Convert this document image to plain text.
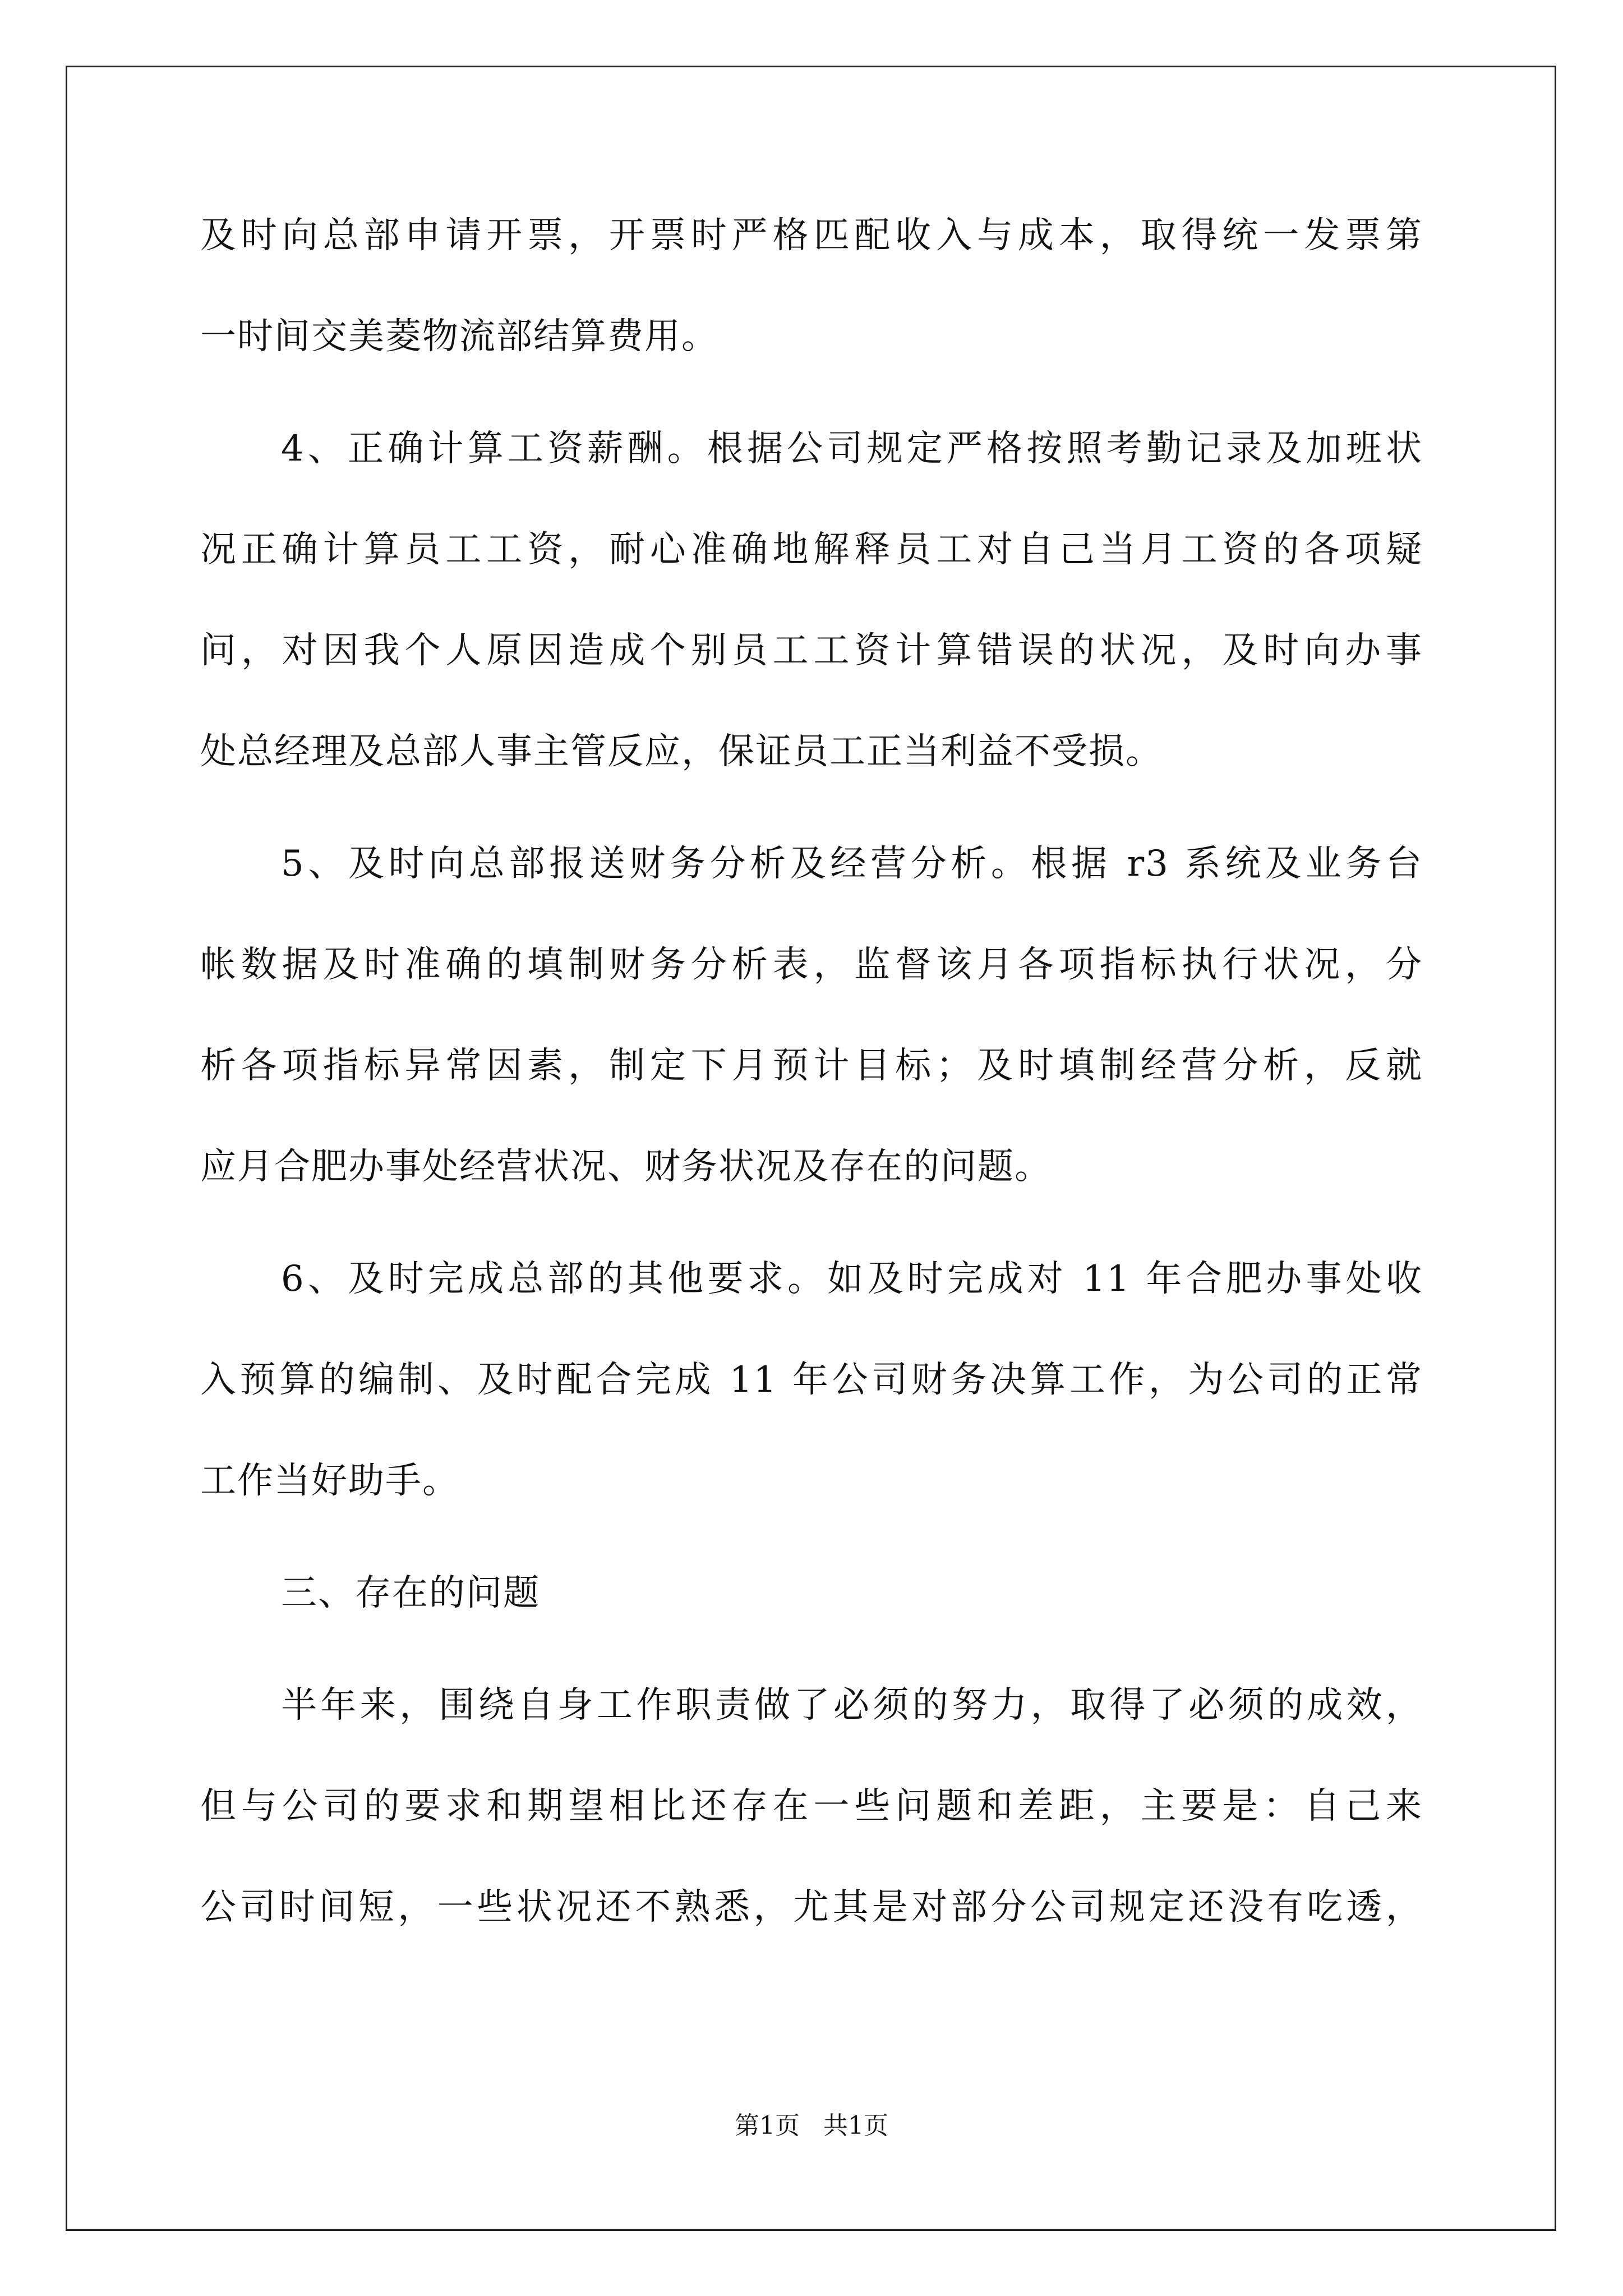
及时向总部申请开票，开票时严格匹配收入与成本，取得统一发票第
一时间交美菱物流部结算费用。
4、正确计算工资薪酬。根据公司规定严格按照考勤记录及加班状
况正确计算员工工资，耐心准确地解释员工对自己当月工资的各项疑
问，对因我个人原因造成个别员工工资计算错误的状况，及时向办事
处总经理及总部人事主管反应，保证员工正当利益不受损。
5、及时向总部报送财务分析及经营分析。根据 r3 系统及业务台
帐数据及时准确的填制财务分析表，监督该月各项指标执行状况，分
析各项指标异常因素，制定下月预计目标；及时填制经营分析，反就
应月合肥办事处经营状况、财务状况及存在的问题。
6、及时完成总部的其他要求。如及时完成对 11 年合肥办事处收
入预算的编制、及时配合完成 11 年公司财务决算工作，为公司的正常
工作当好助手。
三、存在的问题
半年来，围绕自身工作职责做了必须的努力，取得了必须的成效，
但与公司的要求和期望相比还存在一些问题和差距，主要是：自己来
公司时间短，一些状况还不熟悉，尤其是对部分公司规定还没有吃透，
第1页   共1页
